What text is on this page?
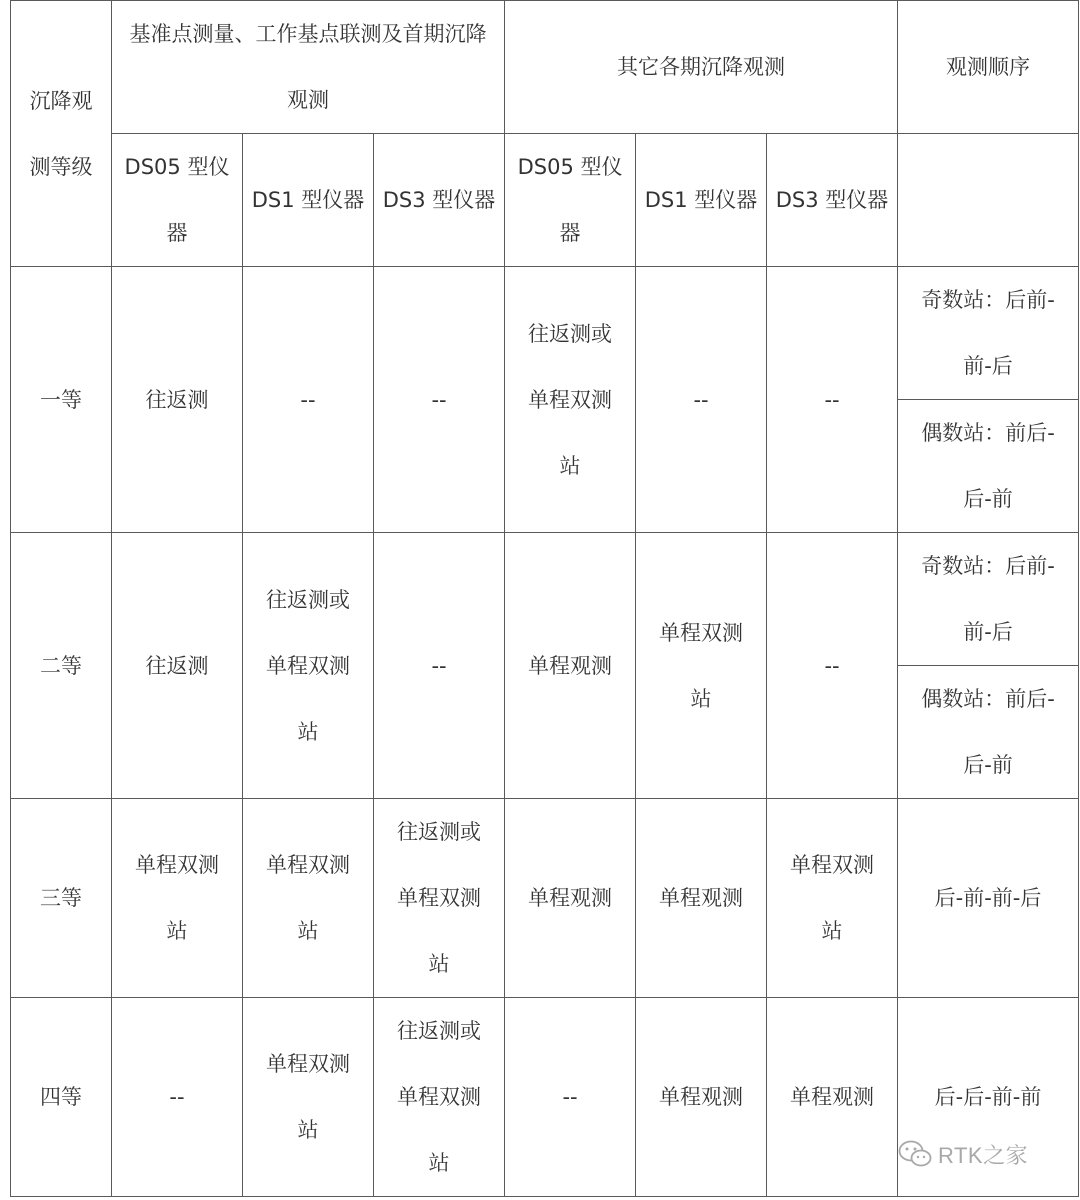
沉降观测等级	基准点测量、工作基点联测及首期沉降观测			其它各期沉降观测			观测顺序
	DS05 型仪器	DS1 型仪器	DS3 型仪器	DS05 型仪器	DS1 型仪器	DS3 型仪器	
一等	往返测	--	--	往返测或单程双测站	--	--	奇数站：后前-前-后
							偶数站：前后-后-前
二等	往返测	往返测或单程双测站	--	单程观测	单程双测站	--	奇数站：后前-前-后
							偶数站：前后-后-前
三等	单程双测站	单程双测站	往返测或单程双测站	单程观测	单程观测	单程双测站	后-前-前-后
四等	--	单程双测站	往返测或单程双测站	--	单程观测	单程观测	后-后-前-前
RTK之家
